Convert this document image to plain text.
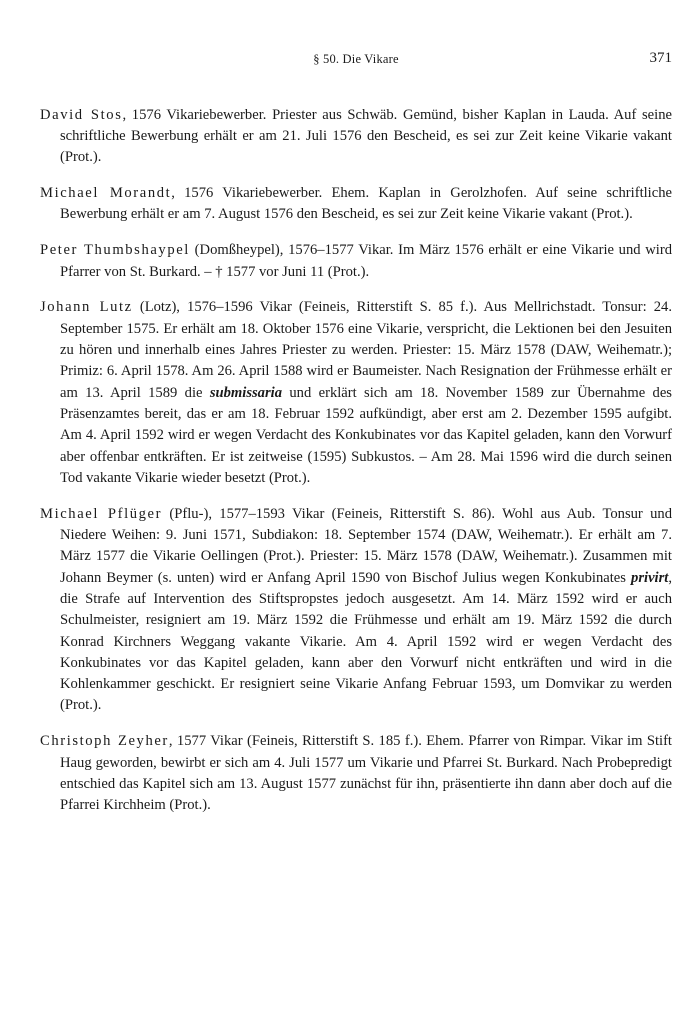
§ 50. Die Vikare	371

David Stos, 1576 Vikariebewerber. Priester aus Schwäb. Gemünd, bisher Kaplan in Lauda. Auf seine schriftliche Bewerbung erhält er am 21. Juli 1576 den Bescheid, es sei zur Zeit keine Vikarie vakant (Prot.).

Michael Morandt, 1576 Vikariebewerber. Ehem. Kaplan in Gerolzhofen. Auf seine schriftliche Bewerbung erhält er am 7. August 1576 den Bescheid, es sei zur Zeit keine Vikarie vakant (Prot.).

Peter Thumbshaypel (Domßheypel), 1576–1577 Vikar. Im März 1576 erhält er eine Vikarie und wird Pfarrer von St. Burkard. – † 1577 vor Juni 11 (Prot.).

Johann Lutz (Lotz), 1576–1596 Vikar (Feineis, Ritterstift S. 85 f.). Aus Mellrichstadt. Tonsur: 24. September 1575. Er erhält am 18. Oktober 1576 eine Vikarie, verspricht, die Lektionen bei den Jesuiten zu hören und innerhalb eines Jahres Priester zu werden. Priester: 15. März 1578 (DAW, Weihematr.); Primiz: 6. April 1578. Am 26. April 1588 wird er Baumeister. Nach Resignation der Frühmesse erhält er am 13. April 1589 die submissaria und erklärt sich am 18. November 1589 zur Übernahme des Präsenzamtes bereit, das er am 18. Februar 1592 aufkündigt, aber erst am 2. Dezember 1595 aufgibt. Am 4. April 1592 wird er wegen Verdacht des Konkubinates vor das Kapitel geladen, kann den Vorwurf aber offenbar entkräften. Er ist zeitweise (1595) Subkustos. – Am 28. Mai 1596 wird die durch seinen Tod vakante Vikarie wieder besetzt (Prot.).

Michael Pflüger (Pflu-), 1577–1593 Vikar (Feineis, Ritterstift S. 86). Wohl aus Aub. Tonsur und Niedere Weihen: 9. Juni 1571, Subdiakon: 18. September 1574 (DAW, Weihematr.). Er erhält am 7. März 1577 die Vikarie Oellingen (Prot.). Priester: 15. März 1578 (DAW, Weihematr.). Zusammen mit Johann Beymer (s. unten) wird er Anfang April 1590 von Bischof Julius wegen Konkubinates privirt, die Strafe auf Intervention des Stiftspropstes jedoch ausgesetzt. Am 14. März 1592 wird er auch Schulmeister, resigniert am 19. März 1592 die Frühmesse und erhält am 19. März 1592 die durch Konrad Kirchners Weggang vakante Vikarie. Am 4. April 1592 wird er wegen Verdacht des Konkubinates vor das Kapitel geladen, kann aber den Vorwurf nicht entkräften und wird in die Kohlenkammer geschickt. Er resigniert seine Vikarie Anfang Februar 1593, um Domvikar zu werden (Prot.).

Christoph Zeyher, 1577 Vikar (Feineis, Ritterstift S. 185 f.). Ehem. Pfarrer von Rimpar. Vikar im Stift Haug geworden, bewirbt er sich am 4. Juli 1577 um Vikarie und Pfarrei St. Burkard. Nach Probepredigt entschied das Kapitel sich am 13. August 1577 zunächst für ihn, präsentierte ihn dann aber doch auf die Pfarrei Kirchheim (Prot.).
